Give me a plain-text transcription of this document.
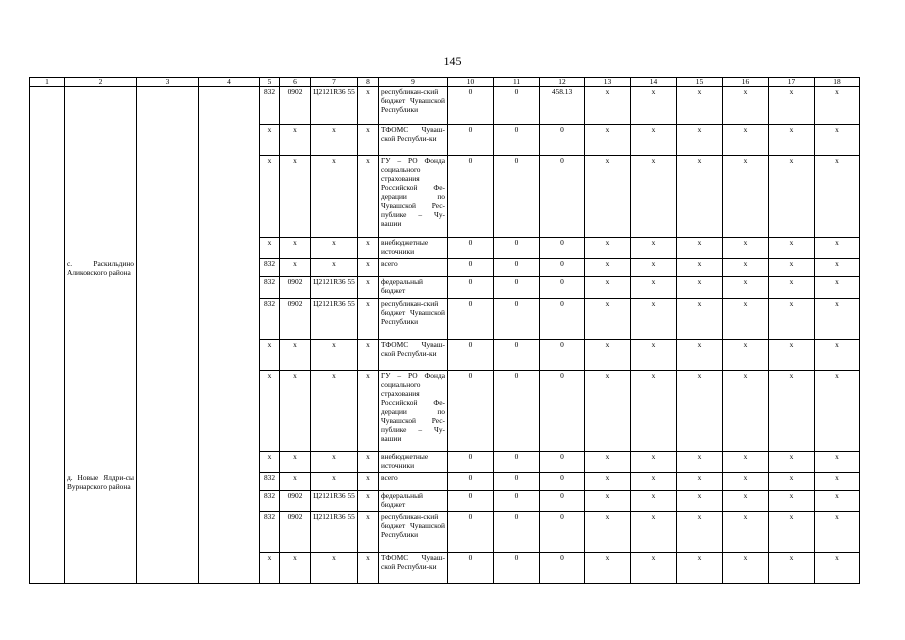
145
1	2	3	4	5	6	7	8	9	10	11	12	13	14	15	16	17	18
				832	0902	Ц2121R36 55	x	республикан-ский бюджет Чувашской Республики	0	0	458.13	x	x	x	x	x	x
				x	x	x	x	ТФОМС Чуваш-ской Республи-ки	0	0	0	x	x	x	x	x	x
				x	x	x	x	ГУ – РО Фонда социального страхования Российской Фе-дерации по Чувашской Рес-публике – Чу-вашии	0	0	0	x	x	x	x	x	x
				x	x	x	x	внебюджетные источники	0	0	0	x	x	x	x	x	x
	с. Раскильдино Аликовского района			832	x	x	x	всего	0	0	0	x	x	x	x	x	x
				832	0902	Ц2121R36 55	x	федеральный бюджет	0	0	0	x	x	x	x	x	x
				832	0902	Ц2121R36 55	x	республикан-ский бюджет Чувашской Республики	0	0	0	x	x	x	x	x	x
				x	x	x	x	ТФОМС Чуваш-ской Республи-ки	0	0	0	x	x	x	x	x	x
				x	x	x	x	ГУ – РО Фонда социального страхования Российской Фе-дерации по Чувашской Рес-публике – Чу-вашии	0	0	0	x	x	x	x	x	x
				x	x	x	x	внебюджетные источники	0	0	0	x	x	x	x	x	x
	д. Новые Ялдри-сы Вурнарского района			832	x	x	x	всего	0	0	0	x	x	x	x	x	x
				832	0902	Ц2121R36 55	x	федеральный бюджет	0	0	0	x	x	x	x	x	x
				832	0902	Ц2121R36 55	x	республикан-ский бюджет Чувашской Республики	0	0	0	x	x	x	x	x	x
				x	x	x	x	ТФОМС Чуваш-ской Республи-ки	0	0	0	x	x	x	x	x	x
